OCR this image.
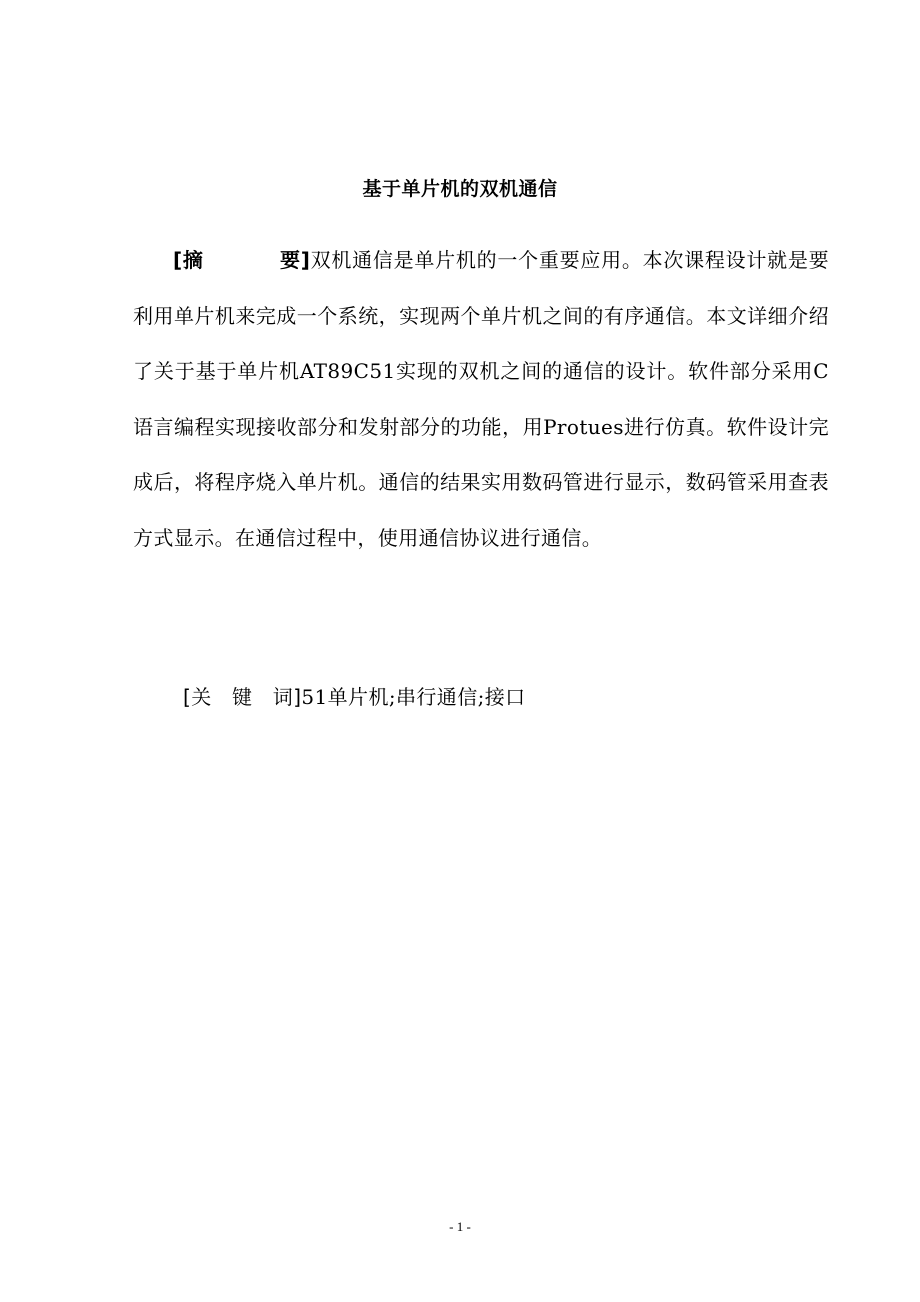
基于单片机的双机通信

[摘	要]双机通信是单片机的一个重要应用。本次课程设计就是要利用单片机来完成一个系统，实现两个单片机之间的有序通信。本文详细介绍了关于基于单片机AT89C51实现的双机之间的通信的设计。软件部分采用C语言编程实现接收部分和发射部分的功能，用Protues进行仿真。软件设计完成后，将程序烧入单片机。通信的结果实用数码管进行显示，数码管采用查表方式显示。在通信过程中，使用通信协议进行通信。

[关　键　词]51单片机;串行通信;接口

- 1 -
